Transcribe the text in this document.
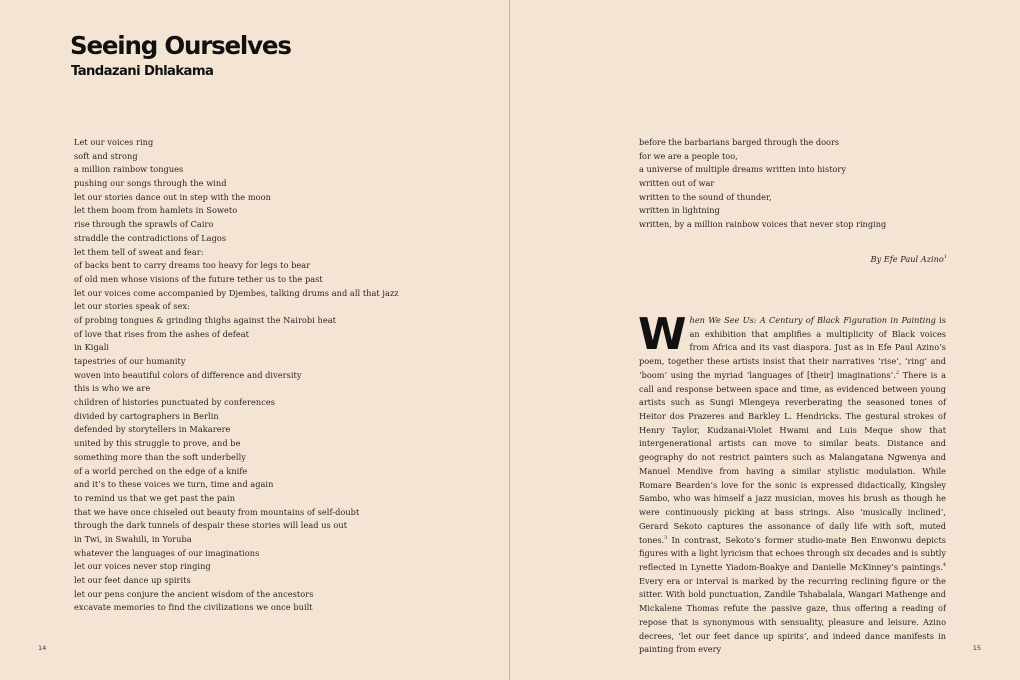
Seeing Ourselves
Tandazani Dhlakama
Let our voices ring
soft and strong
a million rainbow tongues
pushing our songs through the wind
let our stories dance out in step with the moon
let them boom from hamlets in Soweto
rise through the sprawls of Cairo
straddle the contradictions of Lagos
let them tell of sweat and fear:
of backs bent to carry dreams too heavy for legs to bear
of old men whose visions of the future tether us to the past
let our voices come accompanied by Djembes, talking drums and all that jazz
let our stories speak of sex:
of probing tongues & grinding thighs against the Nairobi heat
of love that rises from the ashes of defeat
in Kigali
tapestries of our humanity
woven into beautiful colors of difference and diversity
this is who we are
children of histories punctuated by conferences
divided by cartographers in Berlin
defended by storytellers in Makarere
united by this struggle to prove, and be
something more than the soft underbelly
of a world perched on the edge of a knife
and it’s to these voices we turn, time and again
to remind us that we get past the pain
that we have once chiseled out beauty from mountains of self-doubt
through the dark tunnels of despair these stories will lead us out
in Twi, in Swahili, in Yoruba
whatever the languages of our imaginations
let our voices never stop ringing
let our feet dance up spirits
let our pens conjure the ancient wisdom of the ancestors
excavate memories to find the civilizations we once built
14
before the barbarians barged through the doors
for we are a people too,
a universe of multiple dreams written into history
written out of war
written to the sound of thunder,
written in lightning
written, by a million rainbow voices that never stop ringing
By Efe Paul Azino$^1$

When We See Us: A Century of Black Figuration in Painting is an exhibition that amplifies a multiplicity of Black voices from Africa and its vast diaspora. Just as in Efe Paul Azino’s poem, together these artists insist that their narratives ‘rise’, ‘ring’ and ‘boom’ using the myriad ‘languages of [their] imaginations’.$^2$ There is a call and response between space and time, as evidenced between young artists such as Sungi Mlengeya reverberating the seasoned tones of Heitor dos Prazeres and Barkley L. Hendricks. The gestural strokes of Henry Taylor, Kudzanai-Violet Hwami and Luis Meque show that intergenerational artists can move to similar beats. Distance and geography do not restrict painters such as Malangatana Ngwenya and Manuel Mendive from having a similar stylistic modulation. While Romare Bearden’s love for the sonic is expressed didactically, Kingsley Sambo, who was himself a jazz musician, moves his brush as though he were continuously picking at bass strings. Also ‘musically inclined’, Gerard Sekoto captures the assonance of daily life with soft, muted tones.$^3$ In contrast, Sekoto’s former studio-mate Ben Enwonwu depicts figures with a light lyricism that echoes through six decades and is subtly reflected in Lynette Yiadom-Boakye and Danielle McKinney’s paintings.$^4$ Every era or interval is marked by the recurring reclining figure or the sitter. With bold punctuation, Zandile Tshabalala, Wangari Mathenge and Mickalene Thomas refute the passive gaze, thus offering a reading of repose that is synonymous with sensuality, pleasure and leisure. Azino decrees, ‘let our feet dance up spirits’, and indeed dance manifests in painting from every	15
